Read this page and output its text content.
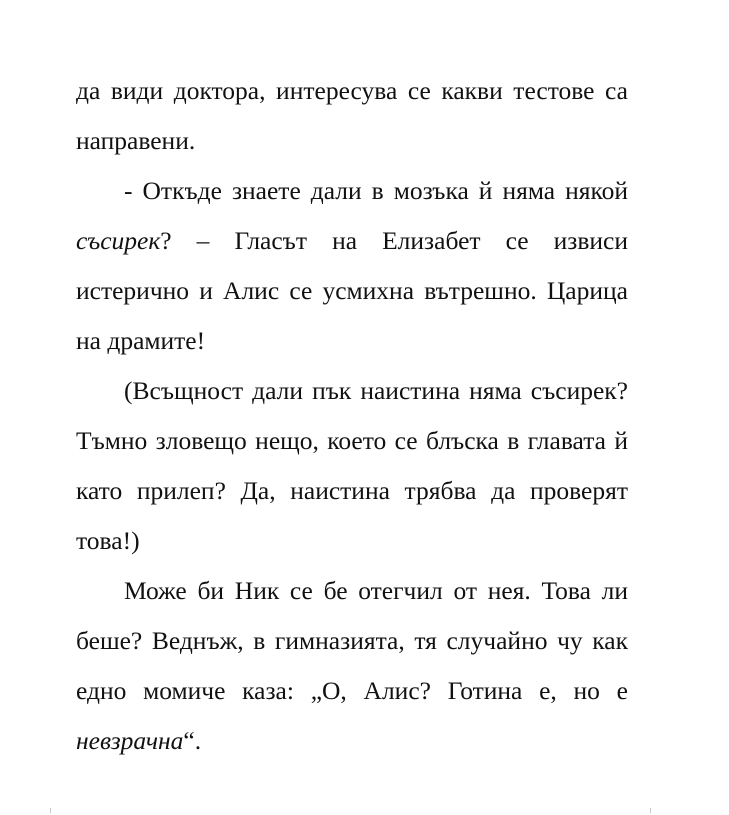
да види доктора, интересува се какви тестове са направени.

- Откъде знаете дали в мозъка й няма някой съсирек? – Гласът на Елизабет се извиси истерично и Алис се усмихна вътрешно. Царица на драмите!

(Всъщност дали пък наистина няма съсирек? Тъмно зловещо нещо, което се блъска в главата й като прилеп? Да, наистина трябва да проверят това!)

Може би Ник се бе отегчил от нея. Това ли беше? Веднъж, в гимназията, тя случайно чу как едно момиче каза: „О, Алис? Готина е, но е невзрачна“.
